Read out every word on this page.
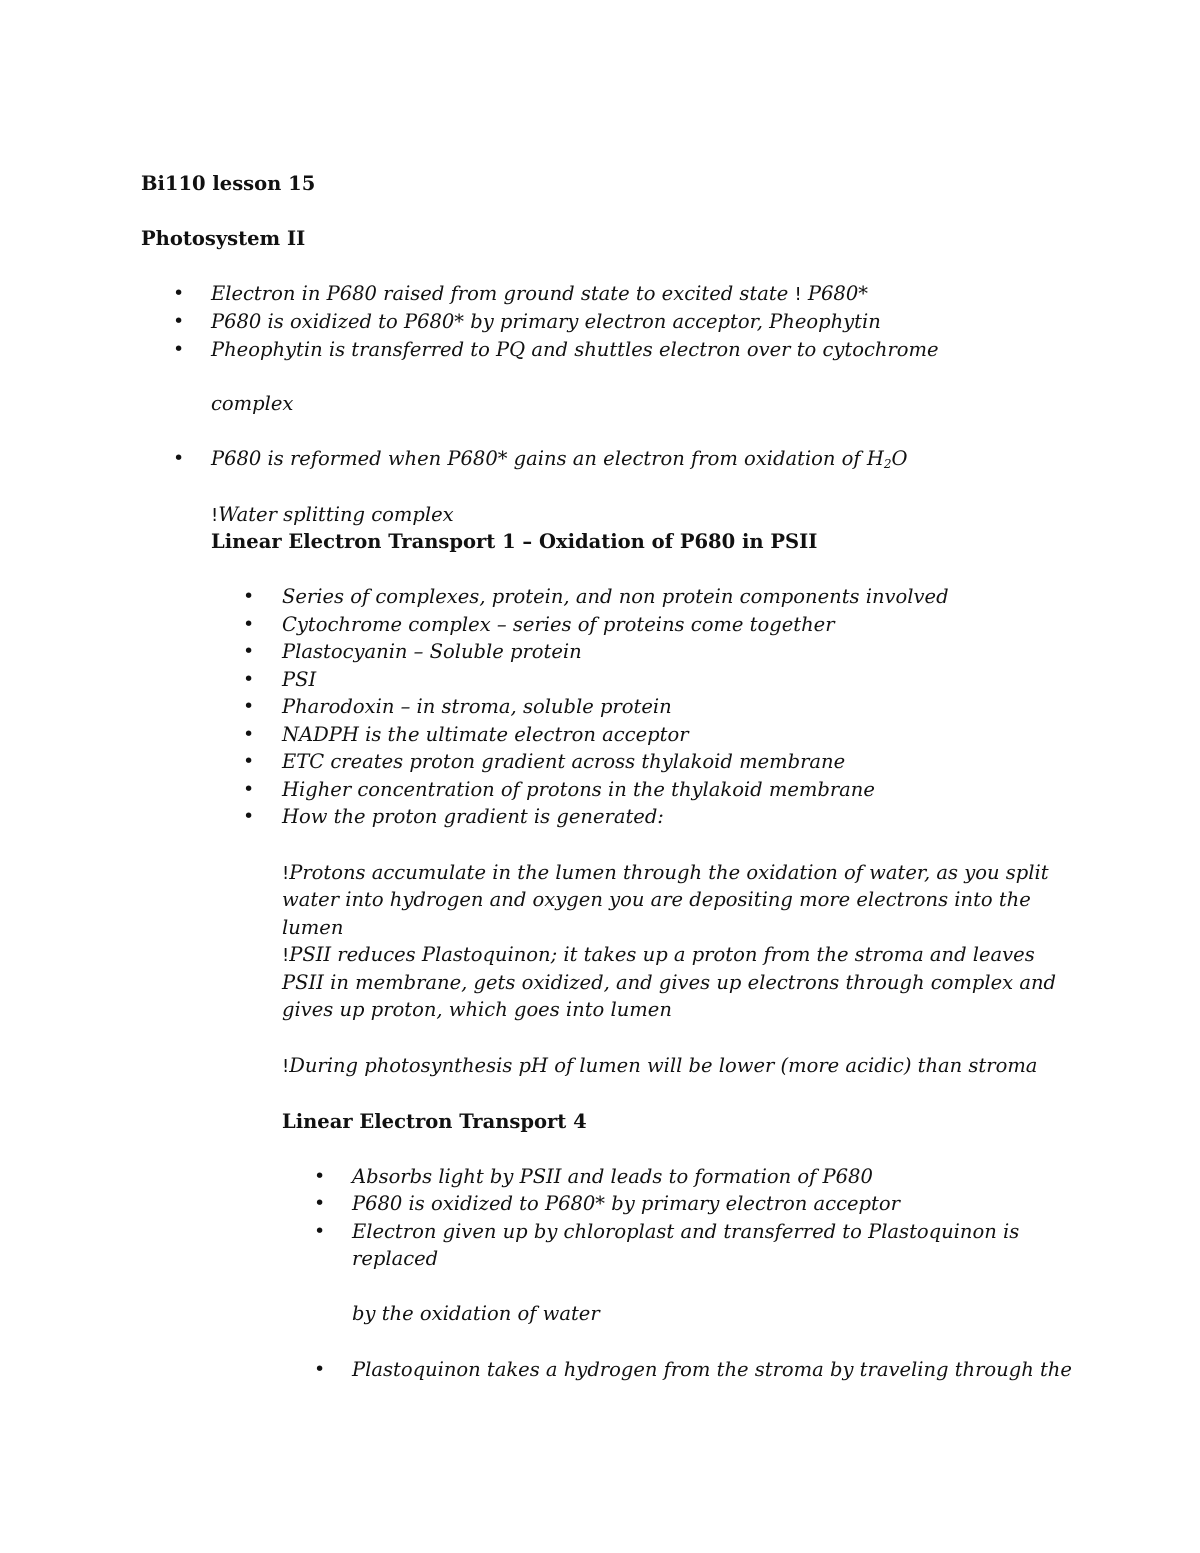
Bi110 lesson 15
Photosystem II
• Electron in P680 raised from ground state to excited state ! P680*
• P680 is oxidized to P680* by primary electron acceptor, Pheophytin
• Pheophytin is transferred to PQ and shuttles electron over to cytochrome
complex
• P680 is reformed when P680* gains an electron from oxidation of $H_2O$
!Water splitting complex
Linear Electron Transport 1 – Oxidation of P680 in PSII
• Series of complexes, protein, and non protein components involved
• Cytochrome complex – series of proteins come together
• Plastocyanin – Soluble protein
• PSI
• Pharodoxin – in stroma, soluble protein
• NADPH is the ultimate electron acceptor
• ETC creates proton gradient across thylakoid membrane
• Higher concentration of protons in the thylakoid membrane
• How the proton gradient is generated:
!Protons accumulate in the lumen through the oxidation of water, as you split
water into hydrogen and oxygen you are depositing more electrons into the
lumen
!PSII reduces Plastoquinon; it takes up a proton from the stroma and leaves
PSII in membrane, gets oxidized, and gives up electrons through complex and
gives up proton, which goes into lumen
!During photosynthesis pH of lumen will be lower (more acidic) than stroma
Linear Electron Transport 4
• Absorbs light by PSII and leads to formation of P680
• P680 is oxidized to P680* by primary electron acceptor
• Electron given up by chloroplast and transferred to Plastoquinon is
replaced
by the oxidation of water
• Plastoquinon takes a hydrogen from the stroma by traveling through the
